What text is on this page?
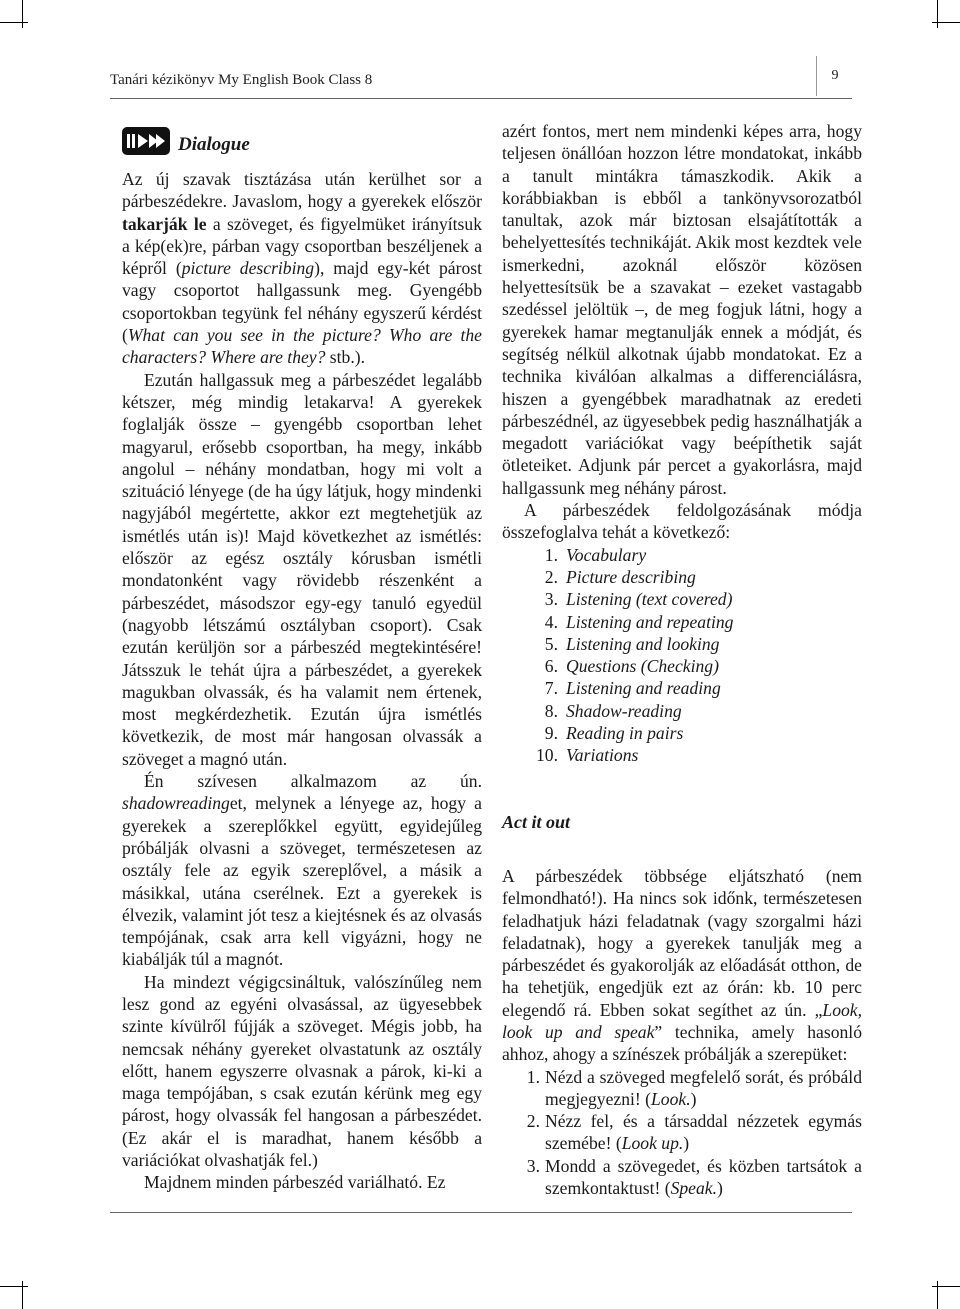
Tanári kézikönyv My English Book Class 8	9
Dialogue

Az új szavak tisztázása után kerülhet sor a párbeszédekre. Javaslom, hogy a gyerekek először takarják le a szöveget, és figyelmüket irányítsuk a kép(ek)re, párban vagy csoportban beszéljenek a képről (picture describing), majd egy-két párost vagy csoportot hallgassunk meg. Gyengébb csoportokban tegyünk fel néhány egyszerű kérdést (What can you see in the picture? Who are the characters? Where are they? stb.).

Ezután hallgassuk meg a párbeszédet legalább kétszer, még mindig letakarva! A gyerekek foglalják össze – gyengébb csoportban lehet magyarul, erősebb csoportban, ha megy, inkább angolul – néhány mondatban, hogy mi volt a szituáció lényege (de ha úgy látjuk, hogy mindenki nagyjából megértette, akkor ezt megtehetjük az ismétlés után is)! Majd következhet az ismétlés: először az egész osztály kórusban ismétli mondatonként vagy rövidebb részenként a párbeszédet, másodszor egy-egy tanuló egyedül (nagyobb létszámú osztályban csoport). Csak ezután kerüljön sor a párbeszéd megtekintésére! Játsszuk le tehát újra a párbeszédet, a gyerekek magukban olvassák, és ha valamit nem értenek, most megkérdezhetik. Ezután újra ismétlés következik, de most már hangosan olvassák a szöveget a magnó után.

Én szívesen alkalmazom az ún. shadowreadinget, melynek a lényege az, hogy a gyerekek a szereplőkkel együtt, egyidejűleg próbálják olvasni a szöveget, természetesen az osztály fele az egyik szereplővel, a másik a másikkal, utána cserélnek. Ezt a gyerekek is élvezik, valamint jót tesz a kiejtésnek és az olvasás tempójának, csak arra kell vigyázni, hogy ne kiabálják túl a magnót.

Ha mindezt végigcsináltuk, valószínűleg nem lesz gond az egyéni olvasással, az ügyesebbek szinte kívülről fújják a szöveget. Mégis jobb, ha nemcsak néhány gyereket olvastatunk az osztály előtt, hanem egyszerre olvasnak a párok, ki-ki a maga tempójában, s csak ezután kérünk meg egy párost, hogy olvassák fel hangosan a párbeszédet. (Ez akár el is maradhat, hanem később a variációkat olvashatják fel.)

Majdnem minden párbeszéd variálható. Ez

azért fontos, mert nem mindenki képes arra, hogy teljesen önállóan hozzon létre mondatokat, inkább a tanult mintákra támaszkodik. Akik a korábbiakban is ebből a tankönyvsorozatból tanultak, azok már biztosan elsajátították a behelyettesítés technikáját. Akik most kezdtek vele ismerkedni, azoknál először közösen helyettesítsük be a szavakat – ezeket vastagabb szedéssel jelöltük –, de meg fogjuk látni, hogy a gyerekek hamar megtanulják ennek a módját, és segítség nélkül alkotnak újabb mondatokat. Ez a technika kiválóan alkalmas a differenciálásra, hiszen a gyengébbek maradhatnak az eredeti párbeszédnél, az ügyesebbek pedig használhatják a megadott variációkat vagy beépíthetik saját ötleteiket. Adjunk pár percet a gyakorlásra, majd hallgassunk meg néhány párost.

A párbeszédek feldolgozásának módja összefoglalva tehát a következő:

1. Vocabulary
2. Picture describing
3. Listening (text covered)
4. Listening and repeating
5. Listening and looking
6. Questions (Checking)
7. Listening and reading
8. Shadow-reading
9. Reading in pairs
10. Variations
Act it out

A párbeszédek többsége eljátszható (nem felmondható!). Ha nincs sok időnk, természetesen feladhatjuk házi feladatnak (vagy szorgalmi házi feladatnak), hogy a gyerekek tanulják meg a párbeszédet és gyakorolják az előadását otthon, de ha tehetjük, engedjük ezt az órán: kb. 10 perc elegendő rá. Ebben sokat segíthet az ún. „Look, look up and speak” technika, amely hasonló ahhoz, ahogy a színészek próbálják a szerepüket:

1. Nézd a szöveged megfelelő sorát, és próbáld megjegyezni! (Look.)
2. Nézz fel, és a társaddal nézzetek egymás szemébe! (Look up.)
3. Mondd a szövegedet, és közben tartsátok a szemkontaktust! (Speak.)
